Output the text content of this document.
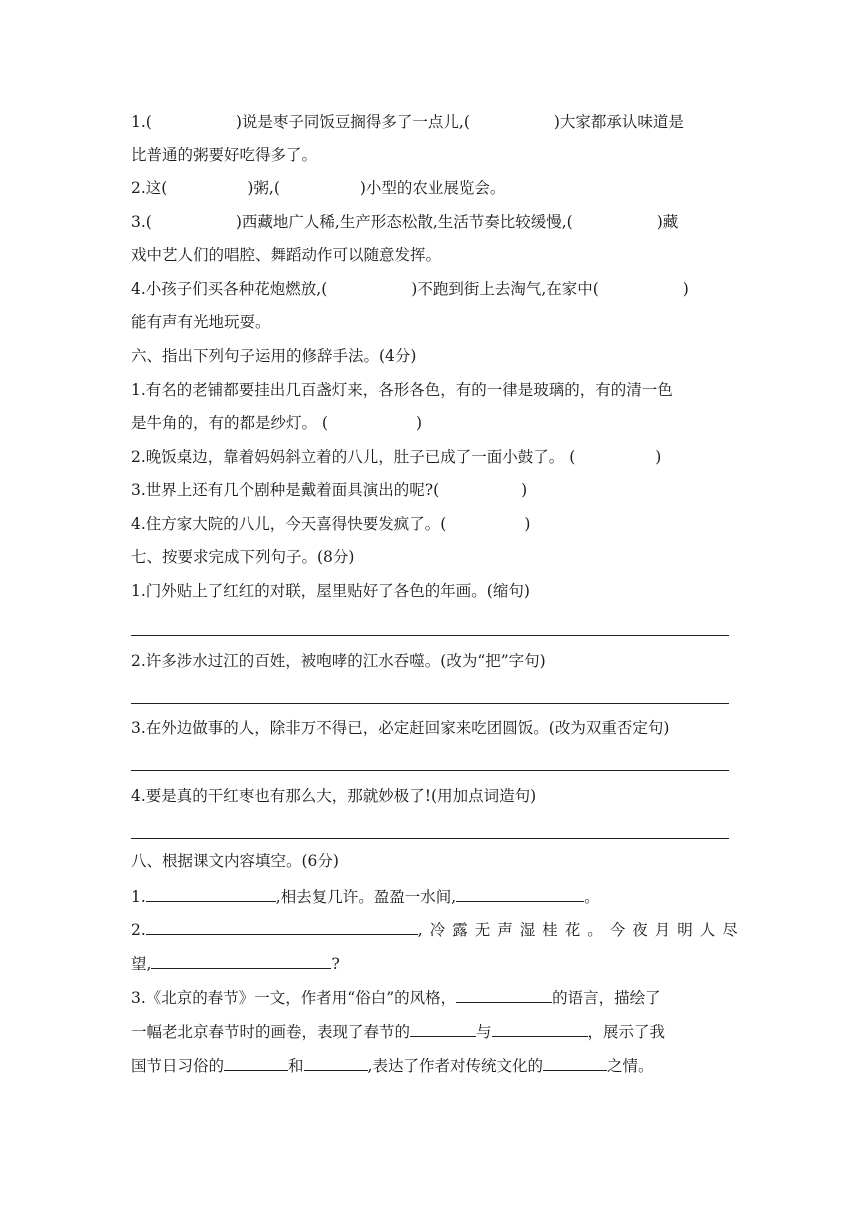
1.(	)说是枣子同饭豆搁得多了一点儿,(	)大家都承认味道是
比普通的粥要好吃得多了。
2.这(	)粥,(	)小型的农业展览会。
3.(	)西藏地广人稀,生产形态松散,生活节奏比较缓慢,(	)藏
戏中艺人们的唱腔、舞蹈动作可以随意发挥。
4.小孩子们买各种花炮燃放,(	)不跑到街上去淘气,在家中(	)
能有声有光地玩耍。
六、指出下列句子运用的修辞手法。(4分)
1.有名的老铺都要挂出几百盏灯来，各形各色，有的一律是玻璃的，有的清一色
是牛角的，有的都是纱灯。 (	)
2.晚饭桌边，靠着妈妈斜立着的八儿，肚子已成了一面小鼓了。 (	)
3.世界上还有几个剧种是戴着面具演出的呢?(	)
4.住方家大院的八儿，今天喜得快要发疯了。(	)
七、按要求完成下列句子。(8分)
1.门外贴上了红红的对联，屋里贴好了各色的年画。(缩句)
2.许多涉水过江的百姓，被咆哮的江水吞噬。(改为“把”字句)
3.在外边做事的人，除非万不得已，必定赶回家来吃团圆饭。(改为双重否定句)
4.要是真的干红枣也有那么大，那就妙极了!(用加点词造句)
八、根据课文内容填空。(6分)
1.	,相去复几许。盈盈一水间,	。
2.	,冷露无声湿桂花。今夜月明人尽
望,	?
3.《北京的春节》一文，作者用“俗白”的风格，	的语言，描绘了
一幅老北京春节时的画卷，表现了春节的	与	，展示了我
国节日习俗的	和	,表达了作者对传统文化的	之情。
